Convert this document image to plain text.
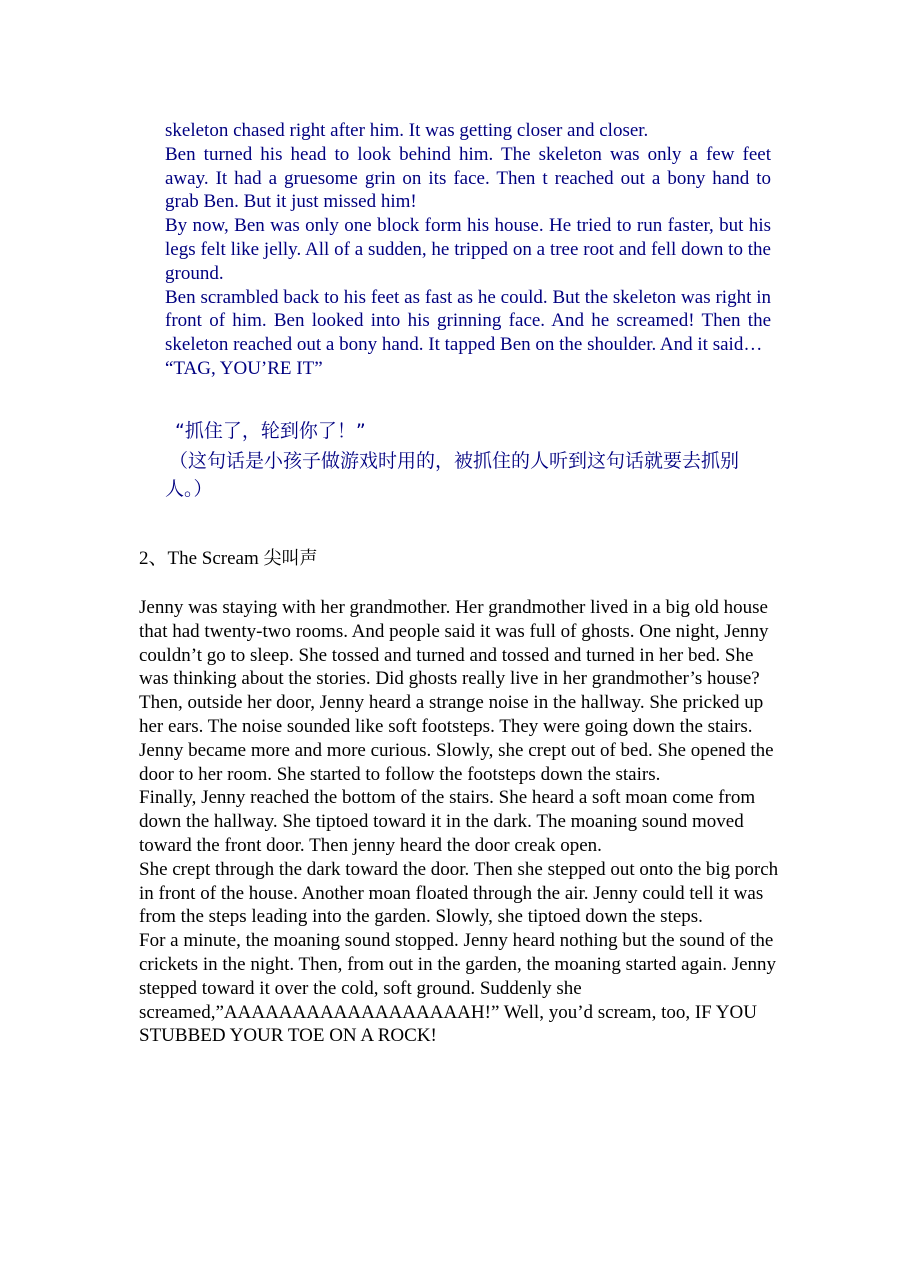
skeleton chased right after him. It was getting closer and closer.

Ben turned his head to look behind him. The skeleton was only a few feet away. It had a gruesome grin on its face. Then t reached out a bony hand to grab Ben. But it just missed him!

By now, Ben was only one block form his house. He tried to run faster, but his legs felt like jelly. All of a sudden, he tripped on a tree root and fell down to the ground.

Ben scrambled back to his feet as fast as he could. But the skeleton was right in front of him. Ben looked into his grinning face. And he screamed! Then the skeleton reached out a bony hand. It tapped Ben on the shoulder. And it said…

“TAG, YOU’RE IT”

“抓住了，轮到你了！”

（这句话是小孩子做游戏时用的，被抓住的人听到这句话就要去抓别人。）

2、The Scream 尖叫声

Jenny was staying with her grandmother. Her grandmother lived in a big old house that had twenty-two rooms. And people said it was full of ghosts. One night, Jenny couldn’t go to sleep. She tossed and turned and tossed and turned in her bed. She was thinking about the stories. Did ghosts really live in her grandmother’s house? Then, outside her door, Jenny heard a strange noise in the hallway. She pricked up her ears. The noise sounded like soft footsteps. They were going down the stairs.

Jenny became more and more curious. Slowly, she crept out of bed. She opened the door to her room. She started to follow the footsteps down the stairs.

Finally, Jenny reached the bottom of the stairs. She heard a soft moan come from down the hallway. She tiptoed toward it in the dark. The moaning sound moved toward the front door. Then jenny heard the door creak open.

She crept through the dark toward the door. Then she stepped out onto the big porch in front of the house. Another moan floated through the air. Jenny could tell it was from the steps leading into the garden. Slowly, she tiptoed down the steps.

For a minute, the moaning sound stopped. Jenny heard nothing but the sound of the crickets in the night. Then, from out in the garden, the moaning started again. Jenny stepped toward it over the cold, soft ground. Suddenly she screamed,”AAAAAAAAAAAAAAAAAAH!” Well, you’d scream, too, IF YOU STUBBED YOUR TOE ON A ROCK!
